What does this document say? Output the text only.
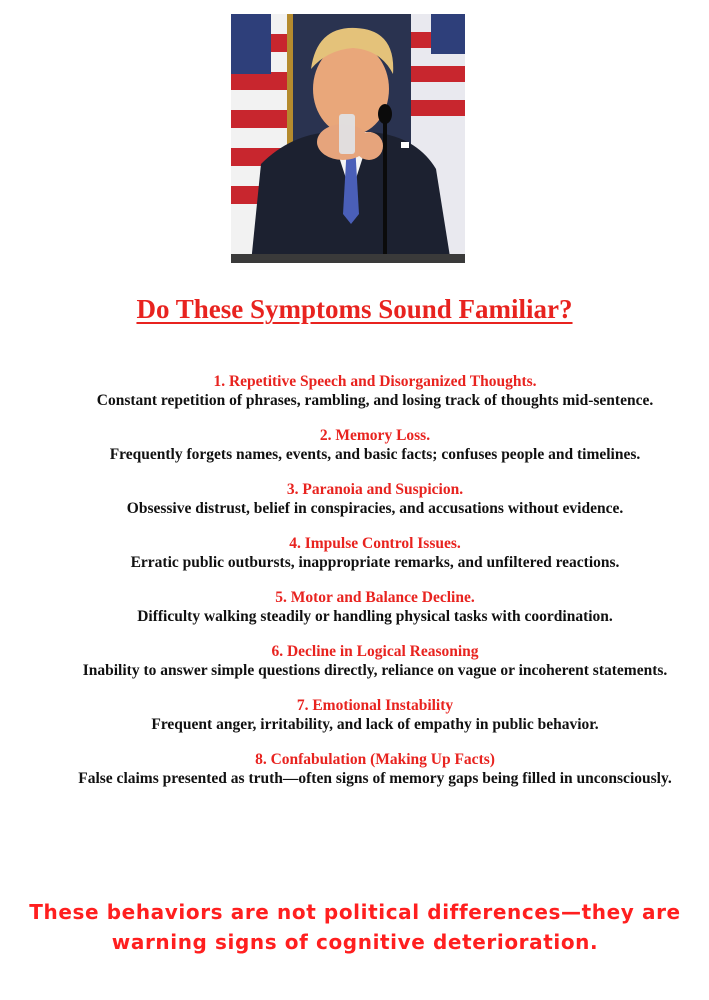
Do These Symptoms Sound Familiar?
1. Repetitive Speech and Disorganized Thoughts.
Constant repetition of phrases, rambling, and losing track of thoughts mid-sentence.
2. Memory Loss.
Frequently forgets names, events, and basic facts; confuses people and timelines.
3. Paranoia and Suspicion.
Obsessive distrust, belief in conspiracies, and accusations without evidence.
4. Impulse Control Issues.
Erratic public outbursts, inappropriate remarks, and unfiltered reactions.
5. Motor and Balance Decline.
Difficulty walking steadily or handling physical tasks with coordination.
6. Decline in Logical Reasoning
Inability to answer simple questions directly, reliance on vague or incoherent statements.
7. Emotional Instability
Frequent anger, irritability, and lack of empathy in public behavior.
8. Confabulation (Making Up Facts)
False claims presented as truth—often signs of memory gaps being filled in unconsciously.
These behaviors are not political differences—they are warning signs of cognitive deterioration.
